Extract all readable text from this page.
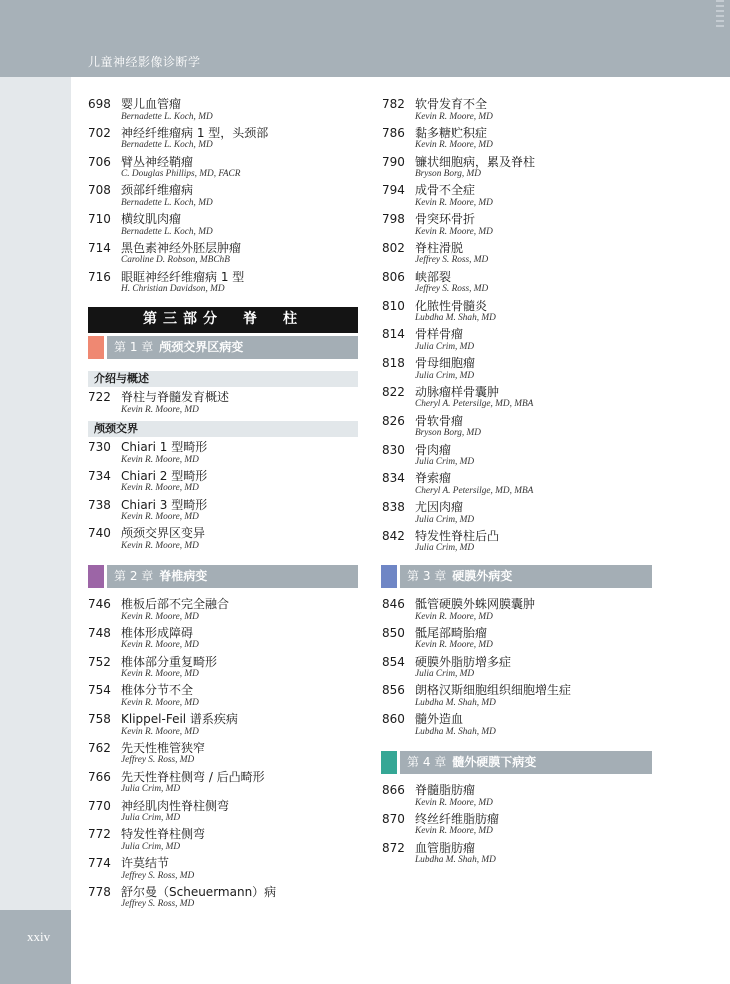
儿童神经影像诊断学
xxiv
698 婴儿血管瘤
Bernadette L. Koch, MD
702 神经纤维瘤病 1 型，头颈部
Bernadette L. Koch, MD
706 臂丛神经鞘瘤
C. Douglas Phillips, MD, FACR
708 颈部纤维瘤病
Bernadette L. Koch, MD
710 横纹肌肉瘤
Bernadette L. Koch, MD
714 黑色素神经外胚层肿瘤
Caroline D. Robson, MBChB
716 眼眶神经纤维瘤病 1 型
H. Christian Davidson, MD
第三部分　脊　柱
第 1 章 颅颈交界区病变
介绍与概述
722 脊柱与脊髓发育概述
Kevin R. Moore, MD
颅颈交界
730 Chiari 1 型畸形
Kevin R. Moore, MD
734 Chiari 2 型畸形
Kevin R. Moore, MD
738 Chiari 3 型畸形
Kevin R. Moore, MD
740 颅颈交界区变异
Kevin R. Moore, MD
第 2 章 脊椎病变
746 椎板后部不完全融合
Kevin R. Moore, MD
748 椎体形成障碍
Kevin R. Moore, MD
752 椎体部分重复畸形
Kevin R. Moore, MD
754 椎体分节不全
Kevin R. Moore, MD
758 Klippel-Feil 谱系疾病
Kevin R. Moore, MD
762 先天性椎管狭窄
Jeffrey S. Ross, MD
766 先天性脊柱侧弯 / 后凸畸形
Julia Crim, MD
770 神经肌肉性脊柱侧弯
Julia Crim, MD
772 特发性脊柱侧弯
Julia Crim, MD
774 许莫结节
Jeffrey S. Ross, MD
778 舒尔曼（Scheuermann）病
Jeffrey S. Ross, MD
782 软骨发育不全
Kevin R. Moore, MD
786 黏多糖贮积症
Kevin R. Moore, MD
790 镰状细胞病，累及脊柱
Bryson Borg, MD
794 成骨不全症
Kevin R. Moore, MD
798 骨突环骨折
Kevin R. Moore, MD
802 脊柱滑脱
Jeffrey S. Ross, MD
806 峡部裂
Jeffrey S. Ross, MD
810 化脓性骨髓炎
Lubdha M. Shah, MD
814 骨样骨瘤
Julia Crim, MD
818 骨母细胞瘤
Julia Crim, MD
822 动脉瘤样骨囊肿
Cheryl A. Petersilge, MD, MBA
826 骨软骨瘤
Bryson Borg, MD
830 骨肉瘤
Julia Crim, MD
834 脊索瘤
Cheryl A. Petersilge, MD, MBA
838 尤因肉瘤
Julia Crim, MD
842 特发性脊柱后凸
Julia Crim, MD
第 3 章 硬膜外病变
846 骶管硬膜外蛛网膜囊肿
Kevin R. Moore, MD
850 骶尾部畸胎瘤
Kevin R. Moore, MD
854 硬膜外脂肪增多症
Julia Crim, MD
856 朗格汉斯细胞组织细胞增生症
Lubdha M. Shah, MD
860 髓外造血
Lubdha M. Shah, MD
第 4 章 髓外硬膜下病变
866 脊髓脂肪瘤
Kevin R. Moore, MD
870 终丝纤维脂肪瘤
Kevin R. Moore, MD
872 血管脂肪瘤
Lubdha M. Shah, MD
